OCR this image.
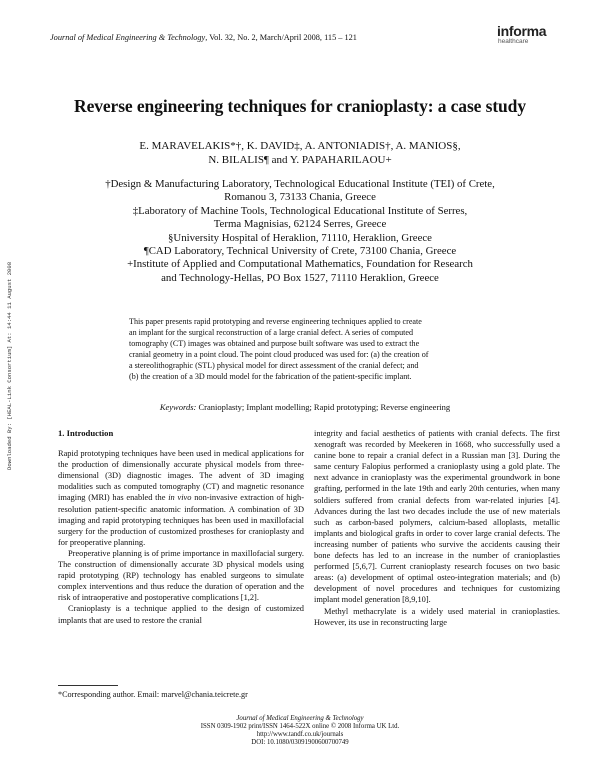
Journal of Medical Engineering & Technology, Vol. 32, No. 2, March/April 2008, 115 – 121	informa
healthcare
Downloaded By: [HEAL-Link Consortium] At: 14:44 11 August 2008
Reverse engineering techniques for cranioplasty: a case study
E. MARAVELAKIS*†, K. DAVID‡, A. ANTONIADIS†, A. MANIOS§,
N. BILALIS¶ and Y. PAPAHARILAOU+
†Design & Manufacturing Laboratory, Technological Educational Institute (TEI) of Crete,
Romanou 3, 73133 Chania, Greece
‡Laboratory of Machine Tools, Technological Educational Institute of Serres,
Terma Magnisias, 62124 Serres, Greece
§University Hospital of Heraklion, 71110, Heraklion, Greece
¶CAD Laboratory, Technical University of Crete, 73100 Chania, Greece
+Institute of Applied and Computational Mathematics, Foundation for Research
and Technology-Hellas, PO Box 1527, 71110 Heraklion, Greece
This paper presents rapid prototyping and reverse engineering techniques applied to create
an implant for the surgical reconstruction of a large cranial defect. A series of computed
tomography (CT) images was obtained and purpose built software was used to extract the
cranial geometry in a point cloud. The point cloud produced was used for: (a) the creation of
a stereolithographic (STL) physical model for direct assessment of the cranial defect; and
(b) the creation of a 3D mould model for the fabrication of the patient-specific implant.
Keywords: Cranioplasty; Implant modelling; Rapid prototyping; Reverse engineering
1. Introduction

Rapid prototyping techniques have been used in medical applications for the production of dimensionally accurate physical models from three-dimensional (3D) diagnostic images. The advent of 3D imaging modalities such as computed tomography (CT) and magnetic resonance imaging (MRI) has enabled the in vivo non-invasive extraction of high-resolution patient-specific anatomic information. A combination of 3D imaging and rapid prototyping techniques has been used in maxillofacial surgery for the production of customized prostheses for cranioplasty and for preoperative planning.

Preoperative planning is of prime importance in maxillofacial surgery. The construction of dimensionally accurate 3D physical models using rapid prototyping (RP) technology has enabled surgeons to simulate complex interventions and thus reduce the duration of operation and the risk of intraoperative and postoperative complications [1,2].

Cranioplasty is a technique applied to the design of customized implants that are used to restore the cranial

integrity and facial aesthetics of patients with cranial defects. The first xenograft was recorded by Meekeren in 1668, who successfully used a canine bone to repair a cranial defect in a Russian man [3]. During the same century Falopius performed a cranioplasty using a gold plate. The next advance in cranioplasty was the experimental groundwork in bone grafting, performed in the late 19th and early 20th centuries, when many soldiers suffered from cranial defects from war-related injuries [4]. Advances during the last two decades include the use of new materials such as carbon-based polymers, calcium-based alloplasts, metallic implants and biological grafts in order to cover large cranial defects. The increasing number of patients who survive the accidents causing their bone defects has led to an increase in the number of cranioplasties performed [5,6,7]. Current cranioplasty research focuses on two basic areas: (a) development of optimal osteo-integration materials; and (b) development of novel procedures and techniques for customizing implant model generation [8,9,10].

Methyl methacrylate is a widely used material in cranioplasties. However, its use in reconstructing large

*Corresponding author. Email: marvel@chania.teicrete.gr
Journal of Medical Engineering & Technology
ISSN 0309-1902 print/ISSN 1464-522X online © 2008 Informa UK Ltd.
http://www.tandf.co.uk/journals
DOI: 10.1080/03091900600700749
